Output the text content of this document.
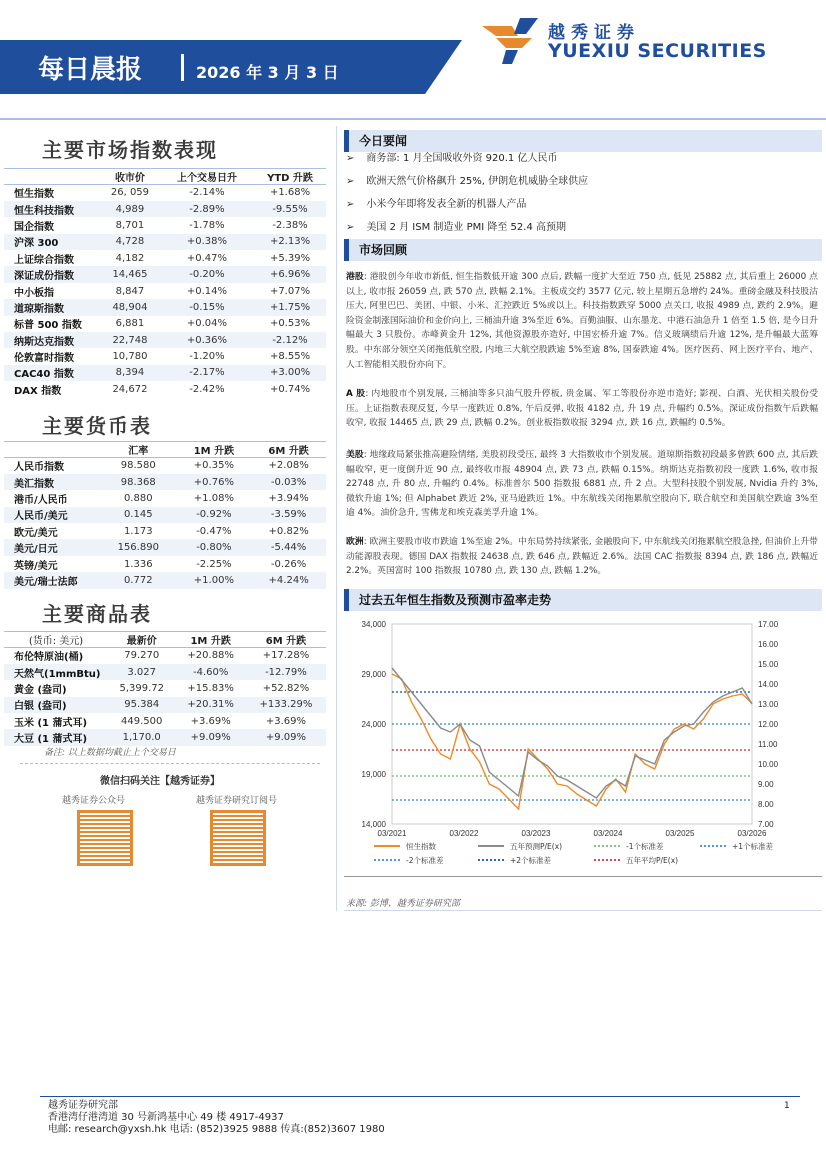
越秀证券
YUEXIU SECURITIES
每日晨报	2026 年 3 月 3 日
主要市场指数表现
	收市价	上个交易日升	YTD 升跌
恒生指数	26, 059	-2.14%	+1.68%
恒生科技指数	4,989	-2.89%	-9.55%
国企指数	8,701	-1.78%	-2.38%
沪深 300	4,728	+0.38%	+2.13%
上证综合指数	4,182	+0.47%	+5.39%
深证成份指数	14,465	-0.20%	+6.96%
中小板指	8,847	+0.14%	+7.07%
道琼斯指数	48,904	-0.15%	+1.75%
标普 500 指数	6,881	+0.04%	+0.53%
纳斯达克指数	22,748	+0.36%	-2.12%
伦敦富时指数	10,780	-1.20%	+8.55%
CAC40 指数	8,394	-2.17%	+3.00%
DAX 指数	24,672	-2.42%	+0.74%
主要货币表
	汇率	1M 升跌	6M 升跌
人民币指数	98.580	+0.35%	+2.08%
美汇指数	98.368	+0.76%	-0.03%
港币/人民币	0.880	+1.08%	+3.94%
人民币/美元	0.145	-0.92%	-3.59%
欧元/美元	1.173	-0.47%	+0.82%
美元/日元	156.890	-0.80%	-5.44%
英镑/美元	1.336	-2.25%	-0.26%
美元/瑞士法郎	0.772	+1.00%	+4.24%
主要商品表
(货币: 美元)	最新价	1M 升跌	6M 升跌
布伦特原油(桶)	79.270	+20.88%	+17.28%
天然气(1mmBtu)	3.027	-4.60%	-12.79%
黄金 (盎司)	5,399.72	+15.83%	+52.82%
白银 (盎司)	95.384	+20.31%	+133.29%
玉米 (1 蒲式耳)	449.500	+3.69%	+3.69%
大豆 (1 蒲式耳)	1,170.0	+9.09%	+9.09%
备注: 以上数据均截止上个交易日
微信扫码关注【越秀证券】
越秀证券公众号	越秀证券研究订阅号
今日要闻
➢ 商务部: 1 月全国吸收外资 920.1 亿人民币
➢ 欧洲天然气价格飙升 25%, 伊朗危机威胁全球供应
➢ 小米今年即将发表全新的机器人产品
➢ 美国 2 月 ISM 制造业 PMI 降至 52.4 高预期
市场回顾
港股: 港股创今年收市新低, 恒生指数低开逾 300 点后, 跌幅一度扩大至近 750 点, 低见 25882 点, 其后重上 26000 点以上, 收市报 26059 点, 跌 570 点, 跌幅 2.1%。主板成交约 3577 亿元, 较上星期五急增约 24%。重磅金融及科技股沽压大, 阿里巴巴、美团、中银、小米、汇控跌近 5%或以上。科技指数跌穿 5000 点关口, 收报 4989 点, 跌约 2.9%。避险资金制涨国际油价和金价向上, 三桶油升逾 3%至近 6%。百勤油服、山东墨龙、中港石油急升 1 倍至 1.5 倍, 是今日升幅最大 3 只股份。赤峰黄金升 12%, 其他资源股亦造好, 中国宏桥升逾 7%。信义玻璃绩后升逾 12%, 是升幅最大蓝筹股。中东部分领空关闭拖低航空股, 内地三大航空股跌逾 5%至逾 8%, 国泰跌逾 4%。医疗医药、网上医疗平台、地产、人工智能相关股份亦向下。
A 股: 内地股市个别发展, 三桶油等多只油气股升停板, 贵金属、军工等股份亦逆市造好; 影视、白酒、光伏相关股份受压。上证指数表现反复, 今早一度跌近 0.8%, 午后反弹, 收报 4182 点, 升 19 点, 升幅约 0.5%。深证成份指数午后跌幅收窄, 收报 14465 点, 跌 29 点, 跌幅 0.2%。创业板指数收报 3294 点, 跌 16 点, 跌幅约 0.5%。
美股: 地缘政局紧张推高避险情绪, 美股初段受压, 最终 3 大指数收市个别发展。道琼斯指数初段最多曾跌 600 点, 其后跌幅收窄, 更一度倒升近 90 点, 最终收市报 48904 点, 跌 73 点, 跌幅 0.15%。纳斯达克指数初段一度跌 1.6%, 收市报 22748 点, 升 80 点, 升幅约 0.4%。标准普尔 500 指数报 6881 点, 升 2 点。大型科技股个别发展, Nvidia 升约 3%, 微软升逾 1%; 但 Alphabet 跌近 2%, 亚马逊跌近 1%。中东航线关闭拖累航空股向下, 联合航空和美国航空跌逾 3%至逾 4%。油价急升, 雪佛龙和埃克森美孚升逾 1%。
欧洲: 欧洲主要股市收市跌逾 1%至逾 2%。中东局势持续紧张, 金融股向下, 中东航线关闭拖累航空股急挫, 但油价上升带动能源股表现。德国 DAX 指数报 24638 点, 跌 646 点, 跌幅近 2.6%。法国 CAC 指数报 8394 点, 跌 186 点, 跌幅近 2.2%。英国富时 100 指数报 10780 点, 跌 130 点, 跌幅 1.2%。
过去五年恒生指数及预测市盈率走势
14,000
19,000
24,000
29,000
34,000
7.00
8.00
9.00
10.00
11.00
12.00
13.00
14.00
15.00
16.00
17.00
03/2021	03/2022	03/2023	03/2024	03/2025	03/2026
恒生指数	五年预测P/E(x)	-1个标准差	+1个标准差
-2个标准差	+2个标准差	五年平均P/E(x)
来源: 彭博、越秀证券研究部
越秀证券研究部
香港湾仔港湾道 30 号新鸿基中心 49 楼 4917-4937
电邮: research@yxsh.hk 电话: (852)3925 9888 传真:(852)3607 1980
1
